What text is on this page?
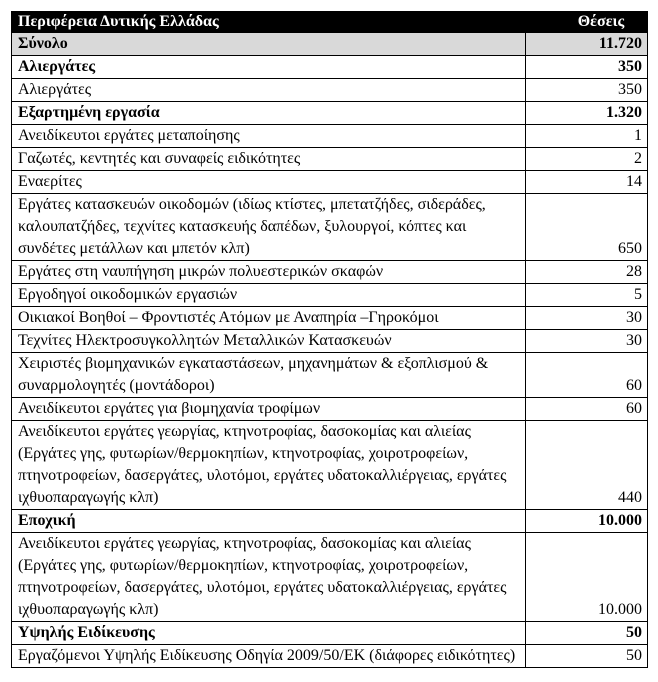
Περιφέρεια Δυτικής Ελλάδας	Θέσεις
Σύνολο	11.720
Αλιεργάτες	350
Αλιεργάτες	350
Εξαρτημένη εργασία	1.320
Ανειδίκευτοι εργάτες μεταποίησης	1
Γαζωτές, κεντητές και συναφείς ειδικότητες	2
Εναερίτες	14
Εργάτες κατασκευών οικοδομών (ιδίως κτίστες, μπετατζήδες, σιδεράδες, καλουπατζήδες, τεχνίτες κατασκευής δαπέδων, ξυλουργοί, κόπτες και συνδέτες μετάλλων και μπετόν κλπ)	650
Εργάτες στη ναυπήγηση μικρών πολυεστερικών σκαφών	28
Εργοδηγοί οικοδομικών εργασιών	5
Οικιακοί Βοηθοί – Φροντιστές Ατόμων με Αναπηρία –Γηροκόμοι	30
Τεχνίτες Ηλεκτροσυγκολλητών Μεταλλικών Κατασκευών	30
Χειριστές βιομηχανικών εγκαταστάσεων, μηχανημάτων & εξοπλισμού & συναρμολογητές (μοντάδοροι)	60
Ανειδίκευτοι εργάτες για βιομηχανία τροφίμων	60
Ανειδίκευτοι εργάτες γεωργίας, κτηνοτροφίας, δασοκομίας και αλιείας (Εργάτες γης, φυτωρίων/θερμοκηπίων, κτηνοτροφίας, χοιροτροφείων, πτηνοτροφείων, δασεργάτες, υλοτόμοι, εργάτες υδατοκαλλιέργειας, εργάτες ιχθυοπαραγωγής κλπ)	440
Εποχική	10.000
Ανειδίκευτοι εργάτες γεωργίας, κτηνοτροφίας, δασοκομίας και αλιείας (Εργάτες γης, φυτωρίων/θερμοκηπίων, κτηνοτροφίας, χοιροτροφείων, πτηνοτροφείων, δασεργάτες, υλοτόμοι, εργάτες υδατοκαλλιέργειας, εργάτες ιχθυοπαραγωγής κλπ)	10.000
Υψηλής Ειδίκευσης	50
Εργαζόμενοι Υψηλής Ειδίκευσης Οδηγία 2009/50/ΕΚ (διάφορες ειδικότητες)	50
